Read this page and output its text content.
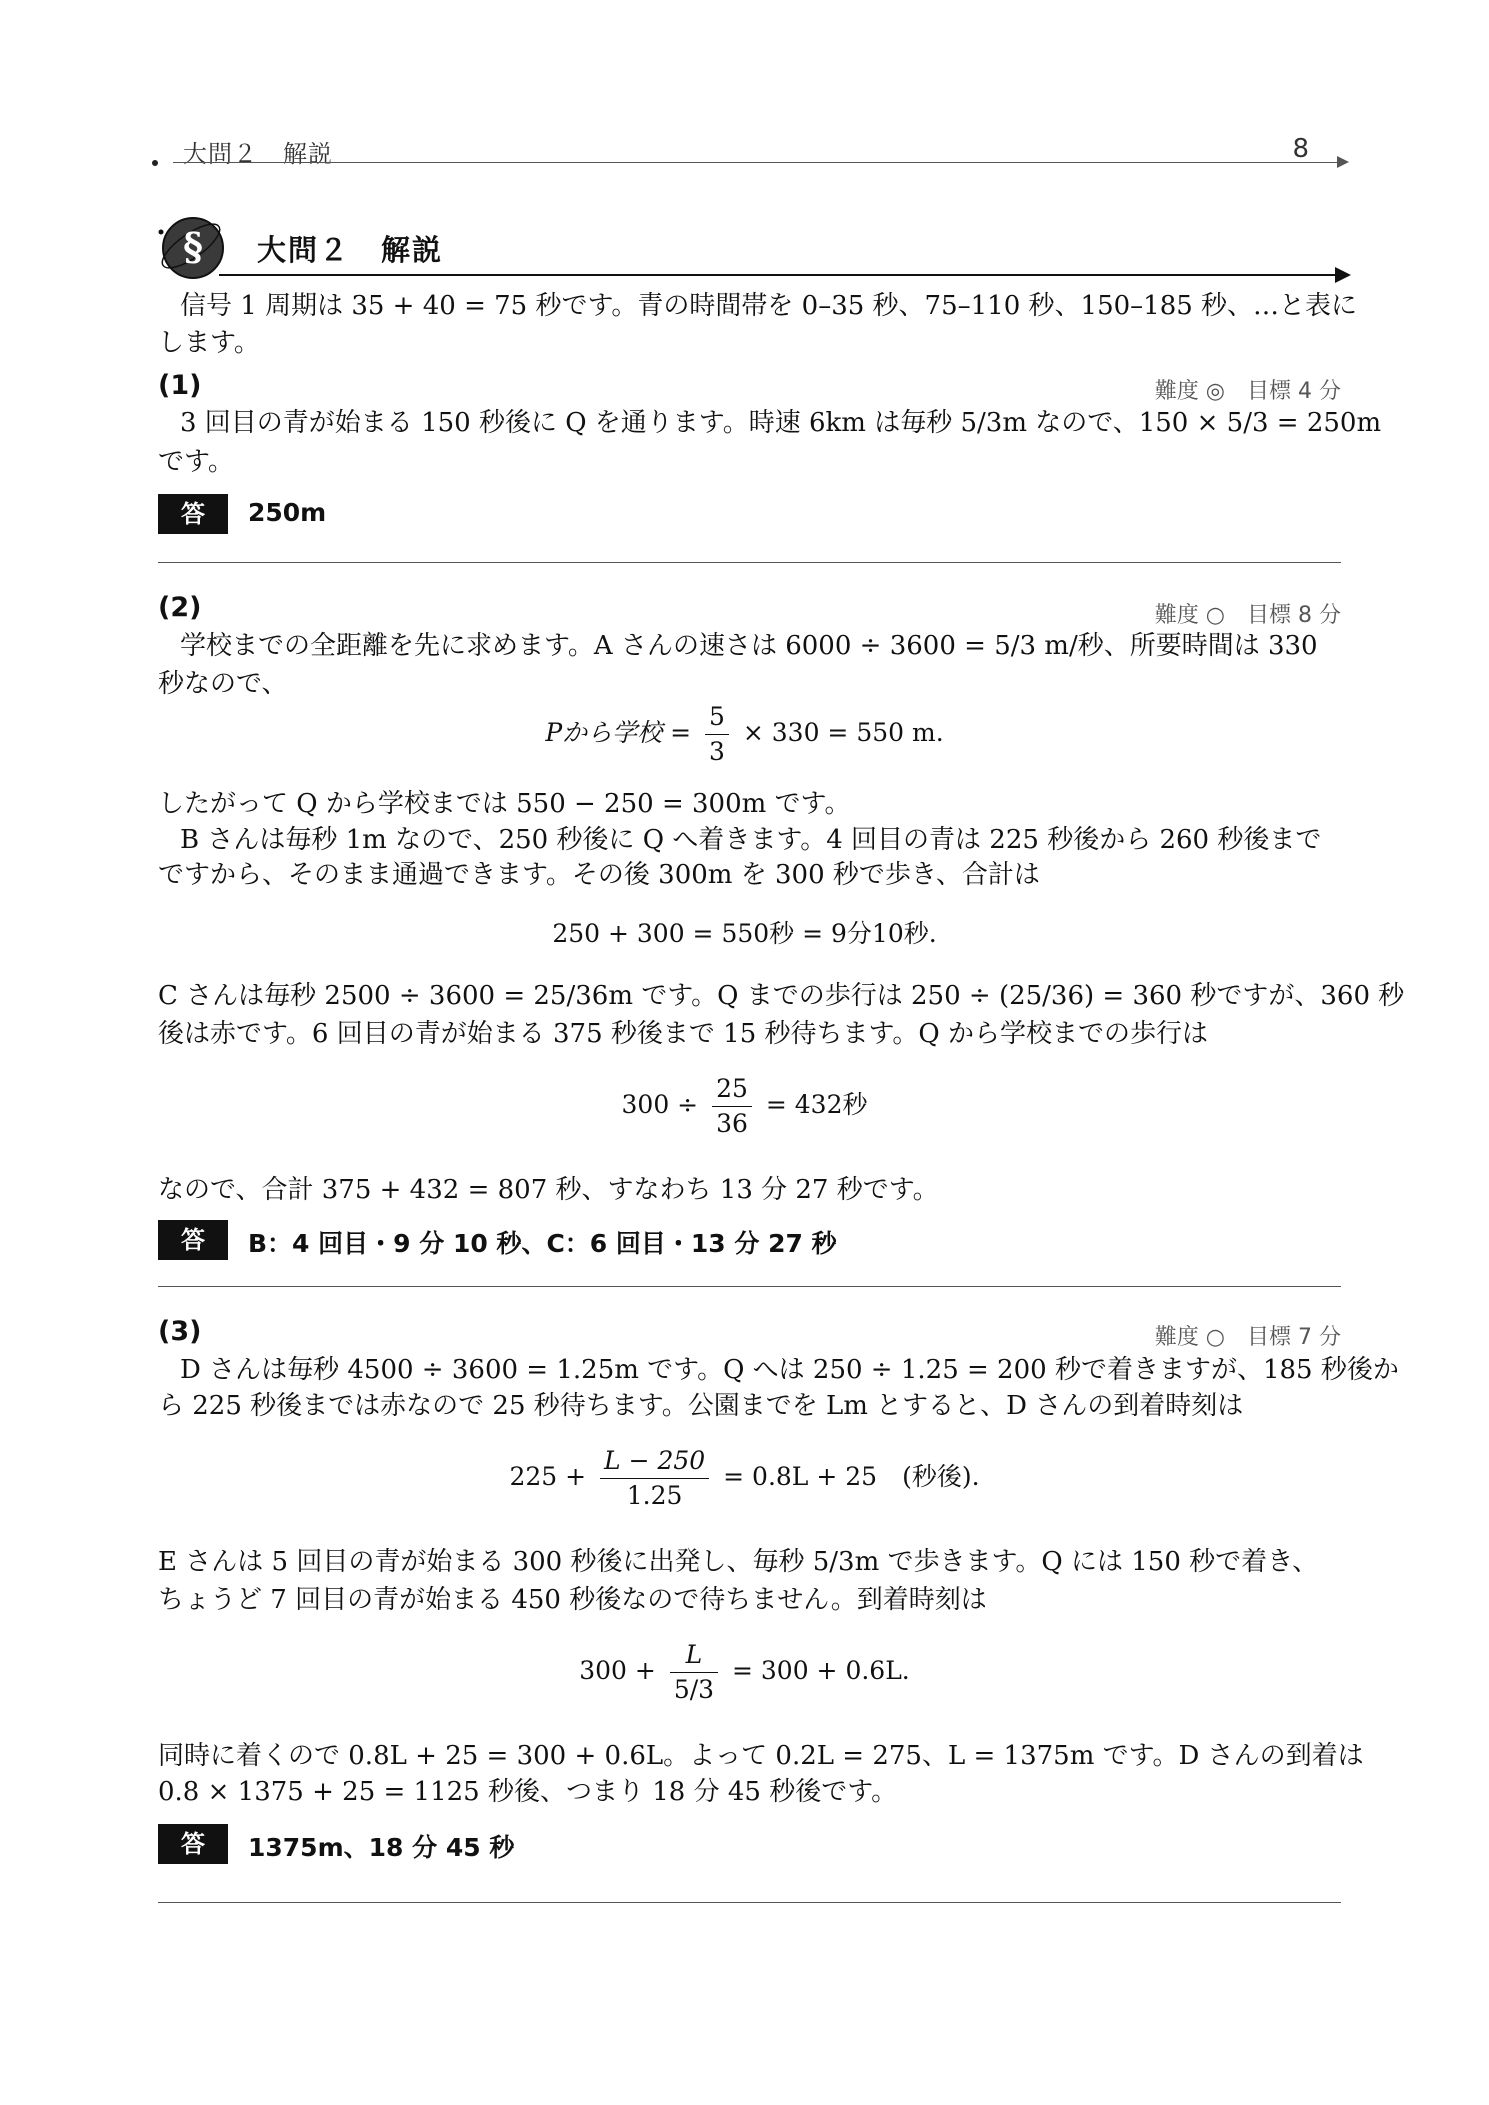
大問２　解説	8
§ 大問２　解説
信号 1 周期は 35 + 40 = 75 秒です。青の時間帯を 0–35 秒、75–110 秒、150–185 秒、…と表に
します。
(1)	難度 ◎　目標 4 分
3 回目の青が始まる 150 秒後に Q を通ります。時速 6km は毎秒 5/3m なので、150 × 5/3 = 250m
です。
答	250m
(2)	難度 ○　目標 8 分
学校までの全距離を先に求めます。A さんの速さは 6000 ÷ 3600 = 5/3 m/秒、所要時間は 330
秒なので、
Pから学校 = $\frac{5}{3} \times 330 = 550$ m.
したがって Q から学校までは 550 − 250 = 300m です。
B さんは毎秒 1m なので、250 秒後に Q へ着きます。4 回目の青は 225 秒後から 260 秒後まで
ですから、そのまま通過できます。その後 300m を 300 秒で歩き、合計は
250 + 300 = 550秒 = 9分10秒.
C さんは毎秒 2500 ÷ 3600 = 25/36m です。Q までの歩行は 250 ÷ (25/36) = 360 秒ですが、360 秒
後は赤です。6 回目の青が始まる 375 秒後まで 15 秒待ちます。Q から学校までの歩行は
$300 \div \frac{25}{36} = 432$秒
なので、合計 375 + 432 = 807 秒、すなわち 13 分 27 秒です。
答	B：4 回目・9 分 10 秒、C：6 回目・13 分 27 秒
(3)	難度 ○　目標 7 分
D さんは毎秒 4500 ÷ 3600 = 1.25m です。Q へは 250 ÷ 1.25 = 200 秒で着きますが、185 秒後か
ら 225 秒後までは赤なので 25 秒待ちます。公園までを Lm とすると、D さんの到着時刻は
$225 + \frac{L - 250}{1.25} = 0.8L + 25$　(秒後).
E さんは 5 回目の青が始まる 300 秒後に出発し、毎秒 5/3m で歩きます。Q には 150 秒で着き、
ちょうど 7 回目の青が始まる 450 秒後なので待ちません。到着時刻は
$300 + \frac{L}{5/3} = 300 + 0.6L$.
同時に着くので 0.8L + 25 = 300 + 0.6L。よって 0.2L = 275、L = 1375m です。D さんの到着は
0.8 × 1375 + 25 = 1125 秒後、つまり 18 分 45 秒後です。
答	1375m、18 分 45 秒
